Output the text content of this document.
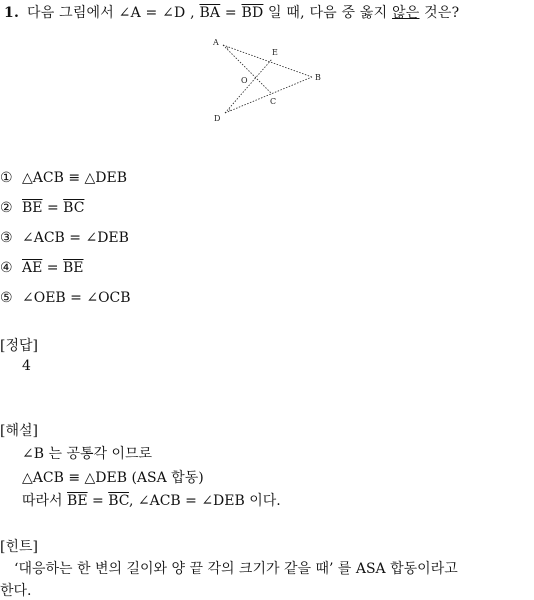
1. 다음 그림에서 ∠A = ∠D , $\overline{BA} = \overline{BD}$ 일 때, 다음 중 옳지 않은 것은?
A
E
O	B
C
D
① △ACB ≡ △DEB
② $\overline{BE} = \overline{BC}$
③ ∠ACB = ∠DEB
④ $\overline{AE} = \overline{BE}$
⑤ ∠OEB = ∠OCB
[정답]
4
[해설]
∠B 는 공통각 이므로
△ACB ≡ △DEB (ASA 합동)
따라서 $\overline{BE} = \overline{BC}$, ∠ACB = ∠DEB 이다.
[힌트]
‘대응하는 한 변의 길이와 양 끝 각의 크기가 같을 때’ 를 ASA 합동이라고
한다.
